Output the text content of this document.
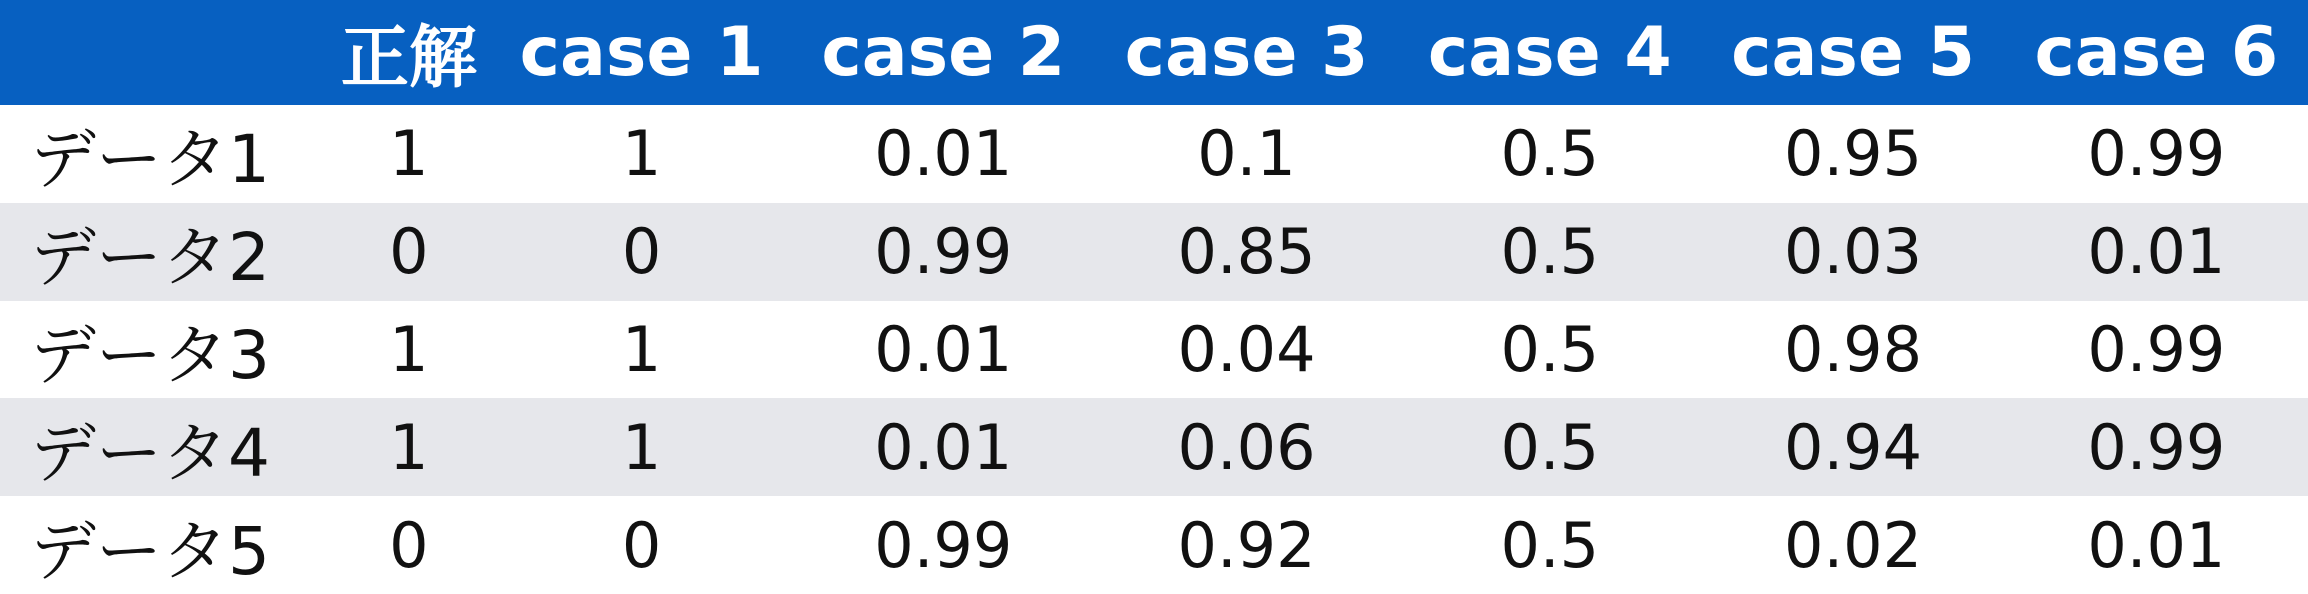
	正解	case 1	case 2	case 3	case 4	case 5	case 6
データ1	1	1	0.01	0.1	0.5	0.95	0.99
データ2	0	0	0.99	0.85	0.5	0.03	0.01
データ3	1	1	0.01	0.04	0.5	0.98	0.99
データ4	1	1	0.01	0.06	0.5	0.94	0.99
データ5	0	0	0.99	0.92	0.5	0.02	0.01
